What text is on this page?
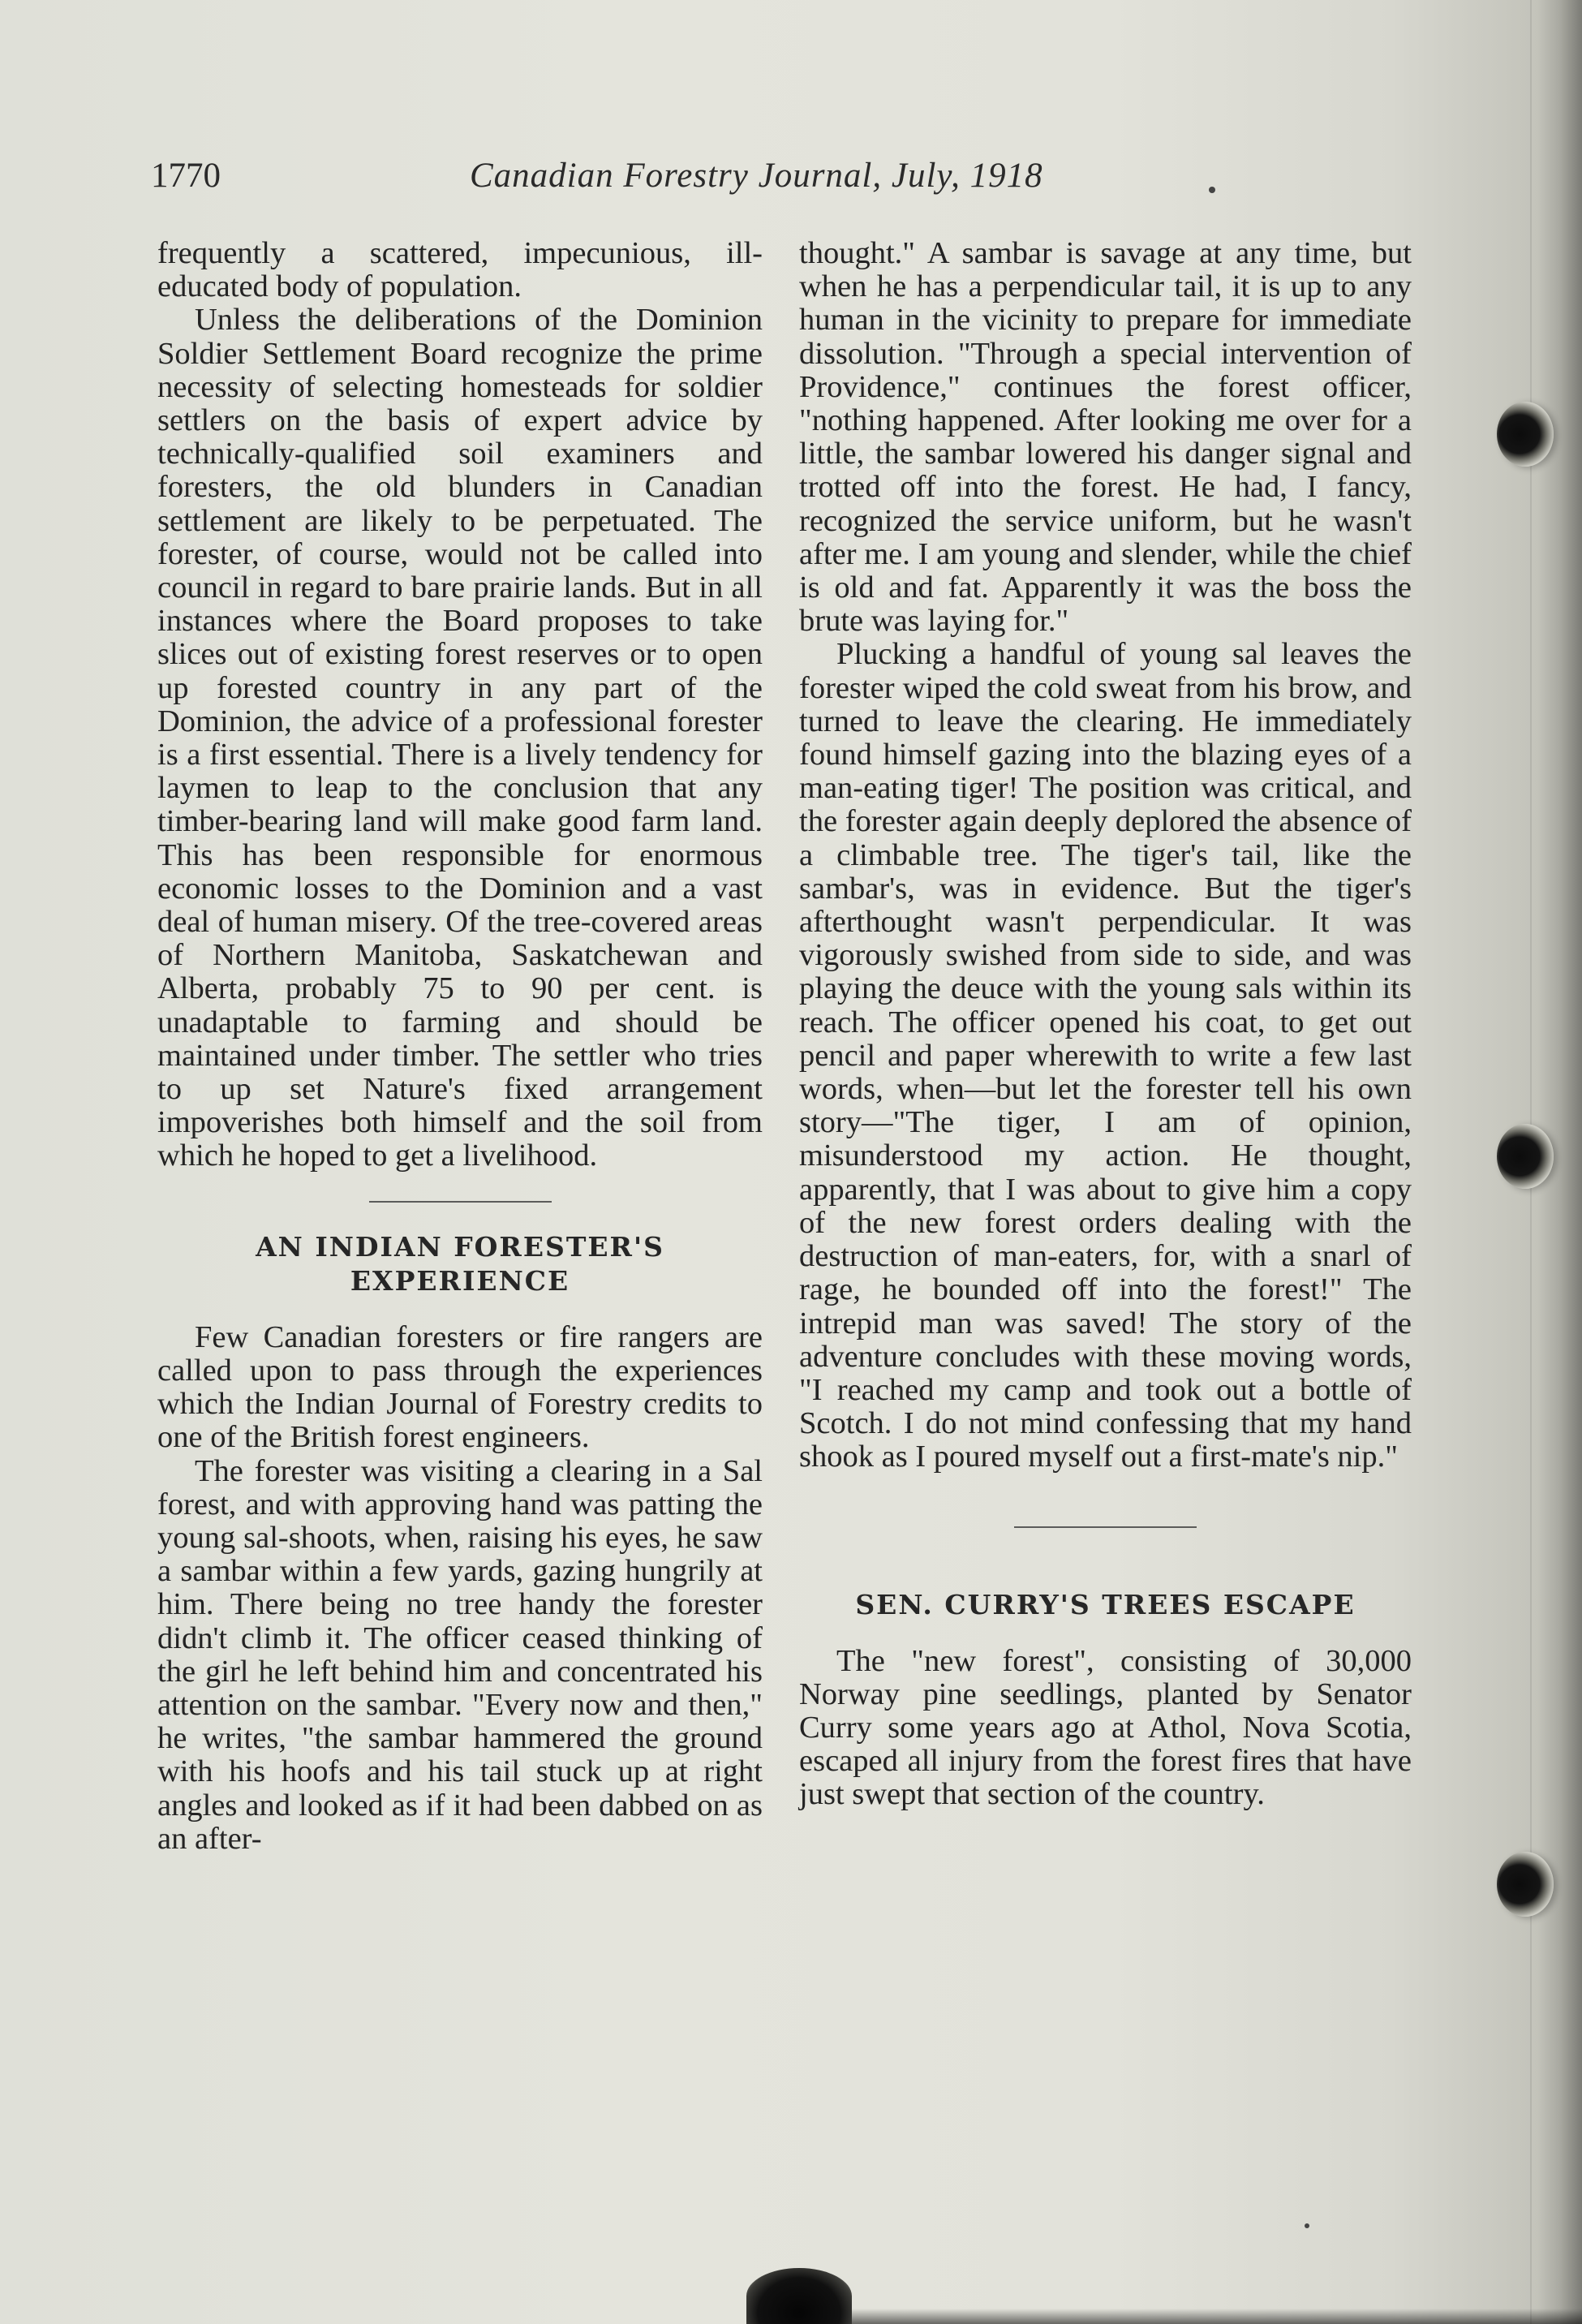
1770	Canadian Forestry Journal, July, 1918

frequently a scattered, impecunious, ill-educated body of population.

Unless the deliberations of the Dominion Soldier Settlement Board recognize the prime necessity of selecting homesteads for soldier settlers on the basis of expert advice by technically-qualified soil examiners and foresters, the old blunders in Canadian settlement are likely to be perpetuated. The forester, of course, would not be called into council in regard to bare prairie lands. But in all instances where the Board proposes to take slices out of existing forest reserves or to open up forested country in any part of the Dominion, the advice of a professional forester is a first essential. There is a lively tendency for laymen to leap to the conclusion that any timber-bearing land will make good farm land. This has been responsible for enormous economic losses to the Dominion and a vast deal of human misery. Of the tree-covered areas of Northern Manitoba, Saskatchewan and Alberta, probably 75 to 90 per cent. is unadaptable to farming and should be maintained under timber. The settler who tries to up set Nature's fixed arrangement impoverishes both himself and the soil from which he hoped to get a livelihood.

AN INDIAN FORESTER'S EXPERIENCE

Few Canadian foresters or fire rangers are called upon to pass through the experiences which the Indian Journal of Forestry credits to one of the British forest engineers.

The forester was visiting a clearing in a Sal forest, and with approving hand was patting the young sal-shoots, when, raising his eyes, he saw a sambar within a few yards, gazing hungrily at him. There being no tree handy the forester didn't climb it. The officer ceased thinking of the girl he left behind him and concentrated his attention on the sambar. "Every now and then," he writes, "the sambar hammered the ground with his hoofs and his tail stuck up at right angles and looked as if it had been dabbed on as an after-

thought." A sambar is savage at any time, but when he has a perpendicular tail, it is up to any human in the vicinity to prepare for immediate dissolution. "Through a special intervention of Providence," continues the forest officer, "nothing happened. After looking me over for a little, the sambar lowered his danger signal and trotted off into the forest. He had, I fancy, recognized the service uniform, but he wasn't after me. I am young and slender, while the chief is old and fat. Apparently it was the boss the brute was laying for."

Plucking a handful of young sal leaves the forester wiped the cold sweat from his brow, and turned to leave the clearing. He immediately found himself gazing into the blazing eyes of a man-eating tiger! The position was critical, and the forester again deeply deplored the absence of a climbable tree. The tiger's tail, like the sambar's, was in evidence. But the tiger's afterthought wasn't perpendicular. It was vigorously swished from side to side, and was playing the deuce with the young sals within its reach. The officer opened his coat, to get out pencil and paper wherewith to write a few last words, when—but let the forester tell his own story—"The tiger, I am of opinion, misunderstood my action. He thought, apparently, that I was about to give him a copy of the new forest orders dealing with the destruction of man-eaters, for, with a snarl of rage, he bounded off into the forest!" The intrepid man was saved! The story of the adventure concludes with these moving words, "I reached my camp and took out a bottle of Scotch. I do not mind confessing that my hand shook as I poured myself out a first-mate's nip."

SEN. CURRY'S TREES ESCAPE

The "new forest", consisting of 30,000 Norway pine seedlings, planted by Senator Curry some years ago at Athol, Nova Scotia, escaped all injury from the forest fires that have just swept that section of the country.
